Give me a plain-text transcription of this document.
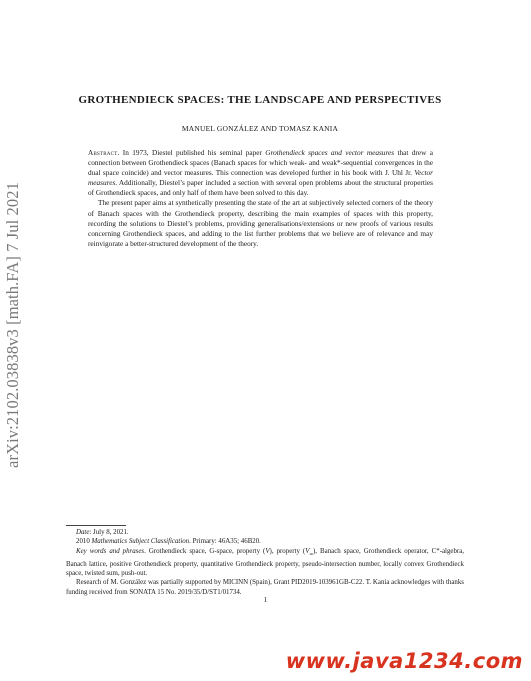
arXiv:2102.03838v3 [math.FA] 7 Jul 2021
GROTHENDIECK SPACES: THE LANDSCAPE AND PERSPECTIVES
MANUEL GONZÁLEZ AND TOMASZ KANIA

Abstract. In 1973, Diestel published his seminal paper Grothendieck spaces and vector measures that drew a connection between Grothendieck spaces (Banach spaces for which weak- and weak*-sequential convergences in the dual space coincide) and vector measures. This connection was developed further in his book with J. Uhl Jr. Vector measures. Additionally, Diestel’s paper included a section with several open problems about the structural properties of Grothendieck spaces, and only half of them have been solved to this day.

The present paper aims at synthetically presenting the state of the art at subjectively selected corners of the theory of Banach spaces with the Grothendieck property, describing the main examples of spaces with this property, recording the solutions to Diestel’s problems, providing generalisations/extensions or new proofs of various results concerning Grothendieck spaces, and adding to the list further problems that we believe are of relevance and may reinvigorate a better-structured development of the theory.

Date: July 8, 2021.

2010 Mathematics Subject Classification. Primary: 46A35; 46B20.

Key words and phrases. Grothendieck space, G-space, property (V), property $(V_\infty)$, Banach space, Grothendieck operator, C*-algebra, Banach lattice, positive Grothendieck property, quantitative Grothendieck property, pseudo-intersection number, locally convex Grothendieck space, twisted sum, push-out.

Research of M. González was partially supported by MICINN (Spain), Grant PID2019-103961GB-C22. T. Kania acknowledges with thanks funding received from SONATA 15 No. 2019/35/D/ST1/01734.

1
www.java1234.com
